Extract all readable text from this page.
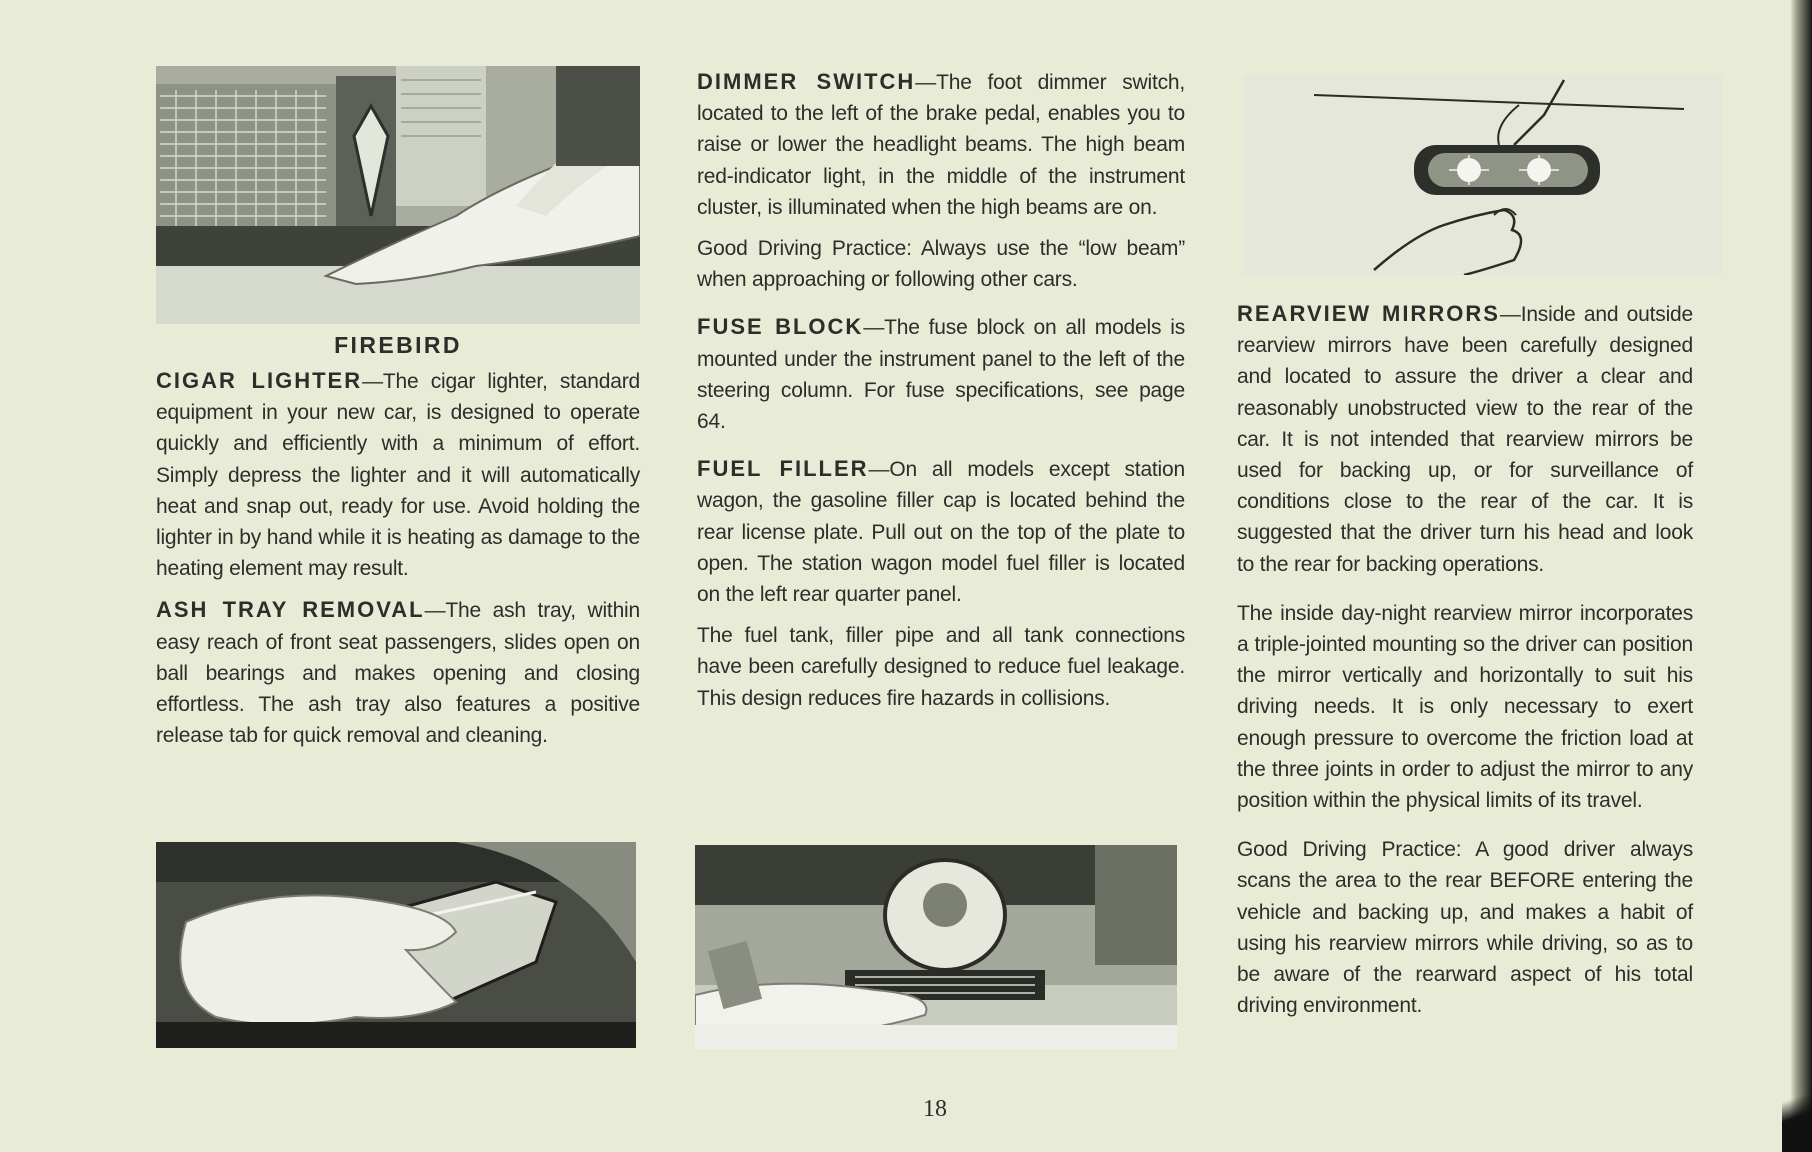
FIREBIRD

CIGAR LIGHTER—The cigar lighter, standard equipment in your new car, is designed to operate quickly and efficiently with a minimum of effort. Simply depress the lighter and it will automatically heat and snap out, ready for use. Avoid holding the lighter in by hand while it is heating as damage to the heating element may result.

ASH TRAY REMOVAL—The ash tray, within easy reach of front seat passengers, slides open on ball bearings and makes opening and closing effortless. The ash tray also features a positive release tab for quick removal and cleaning.

DIMMER SWITCH—The foot dimmer switch, located to the left of the brake pedal, enables you to raise or lower the headlight beams. The high beam red-indicator light, in the middle of the instrument cluster, is illuminated when the high beams are on.

Good Driving Practice: Always use the “low beam” when approaching or following other cars.

FUSE BLOCK—The fuse block on all models is mounted under the instrument panel to the left of the steering column. For fuse specifications, see page 64.

FUEL FILLER—On all models except station wagon, the gasoline filler cap is located behind the rear license plate. Pull out on the top of the plate to open. The station wagon model fuel filler is located on the left rear quarter panel.

The fuel tank, filler pipe and all tank connections have been carefully designed to reduce fuel leakage. This design reduces fire hazards in collisions.

REARVIEW MIRRORS—Inside and outside rearview mirrors have been carefully designed and located to assure the driver a clear and reasonably unobstructed view to the rear of the car. It is not intended that rearview mirrors be used for backing up, or for surveillance of conditions close to the rear of the car. It is suggested that the driver turn his head and look to the rear for backing operations.

The inside day-night rearview mirror incorporates a triple-jointed mounting so the driver can position the mirror vertically and horizontally to suit his driving needs. It is only necessary to exert enough pressure to overcome the friction load at the three joints in order to adjust the mirror to any position within the physical limits of its travel.

Good Driving Practice: A good driver always scans the area to the rear BEFORE entering the vehicle and backing up, and makes a habit of using his rearview mirrors while driving, so as to be aware of the rearward aspect of his total driving environment.

18
